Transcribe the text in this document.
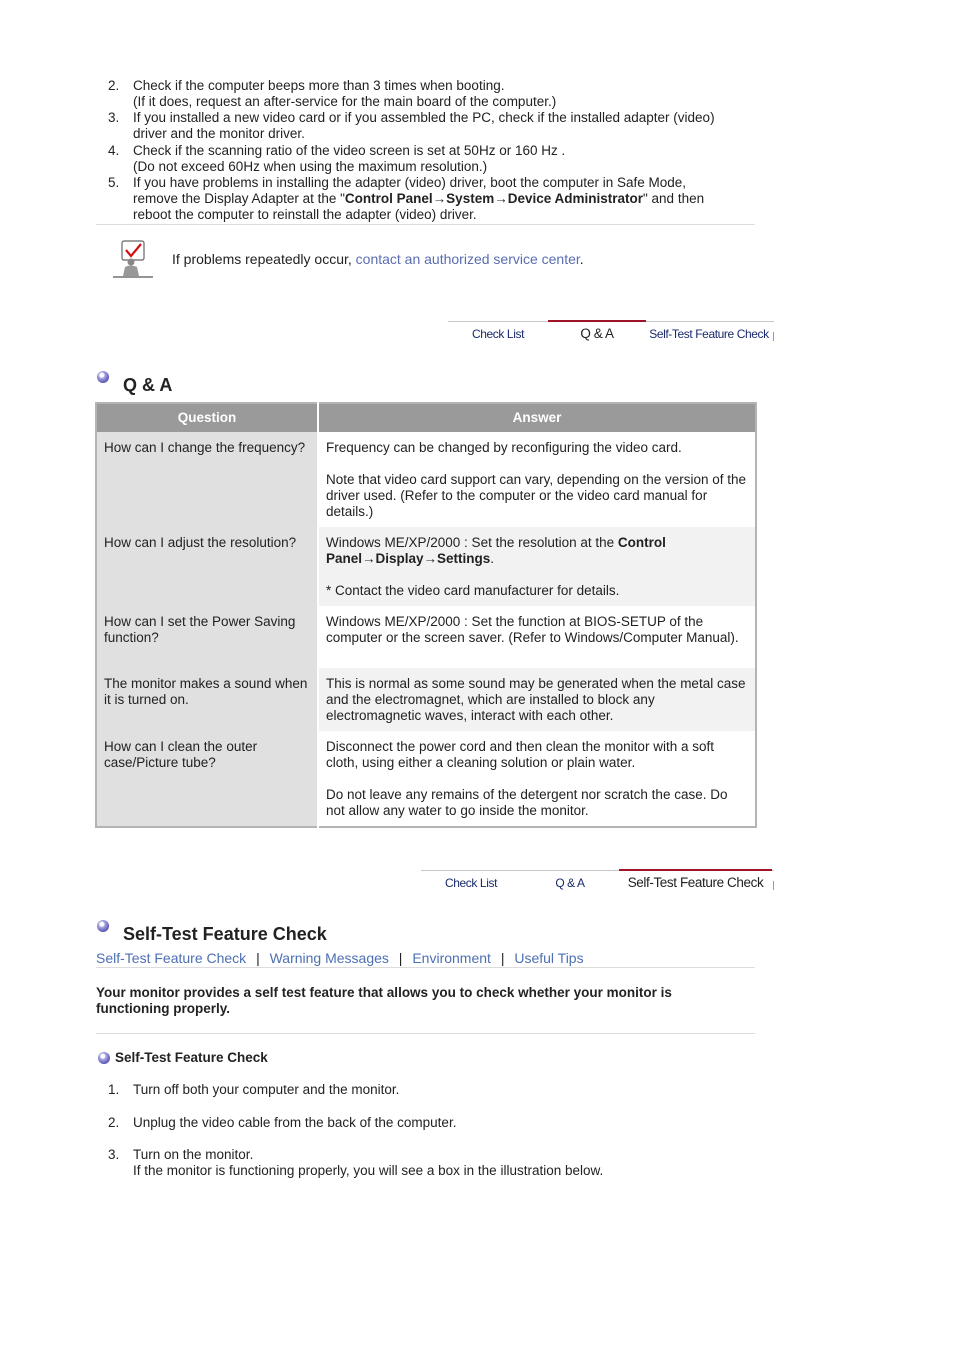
2.	Check if the computer beeps more than 3 times when booting.
(If it does, request an after-service for the main board of the computer.)
3.	If you installed a new video card or if you assembled the PC, check if the installed adapter (video)
driver and the monitor driver.
4.	Check if the scanning ratio of the video screen is set at 50Hz or 160 Hz .
(Do not exceed 60Hz when using the maximum resolution.)
5.	If you have problems in installing the adapter (video) driver, boot the computer in Safe Mode,
remove the Display Adapter at the "Control Panel→System→Device Administrator" and then
reboot the computer to reinstall the adapter (video) driver.
If problems repeatedly occur, contact an authorized service center.
Check List	Q & A	Self-Test Feature Check
Q & A
Question	Answer
How can I change the frequency?	Frequency can be changed by reconfiguring the video card.

Note that video card support can vary, depending on the version of the driver used. (Refer to the computer or the video card manual for details.)

How can I adjust the resolution?	Windows ME/XP/2000 : Set the resolution at the Control Panel→Display→Settings.

* Contact the video card manufacturer for details.

How can I set the Power Saving function?	Windows ME/XP/2000 : Set the function at BIOS-SETUP of the computer or the screen saver. (Refer to Windows/Computer Manual).

The monitor makes a sound when it is turned on.	This is normal as some sound may be generated when the metal case and the electromagnet, which are installed to block any electromagnetic waves, interact with each other.

How can I clean the outer case/Picture tube?	Disconnect the power cord and then clean the monitor with a soft cloth, using either a cleaning solution or plain water.

Do not leave any remains of the detergent nor scratch the case. Do not allow any water to go inside the monitor.

Check List	Q & A	Self-Test Feature Check
Self-Test Feature Check
Self-Test Feature Check | Warning Messages | Environment | Useful Tips
Your monitor provides a self test feature that allows you to check whether your monitor is functioning properly.
Self-Test Feature Check
1.	Turn off both your computer and the monitor.
2.	Unplug the video cable from the back of the computer.
3.	Turn on the monitor.
If the monitor is functioning properly, you will see a box in the illustration below.
